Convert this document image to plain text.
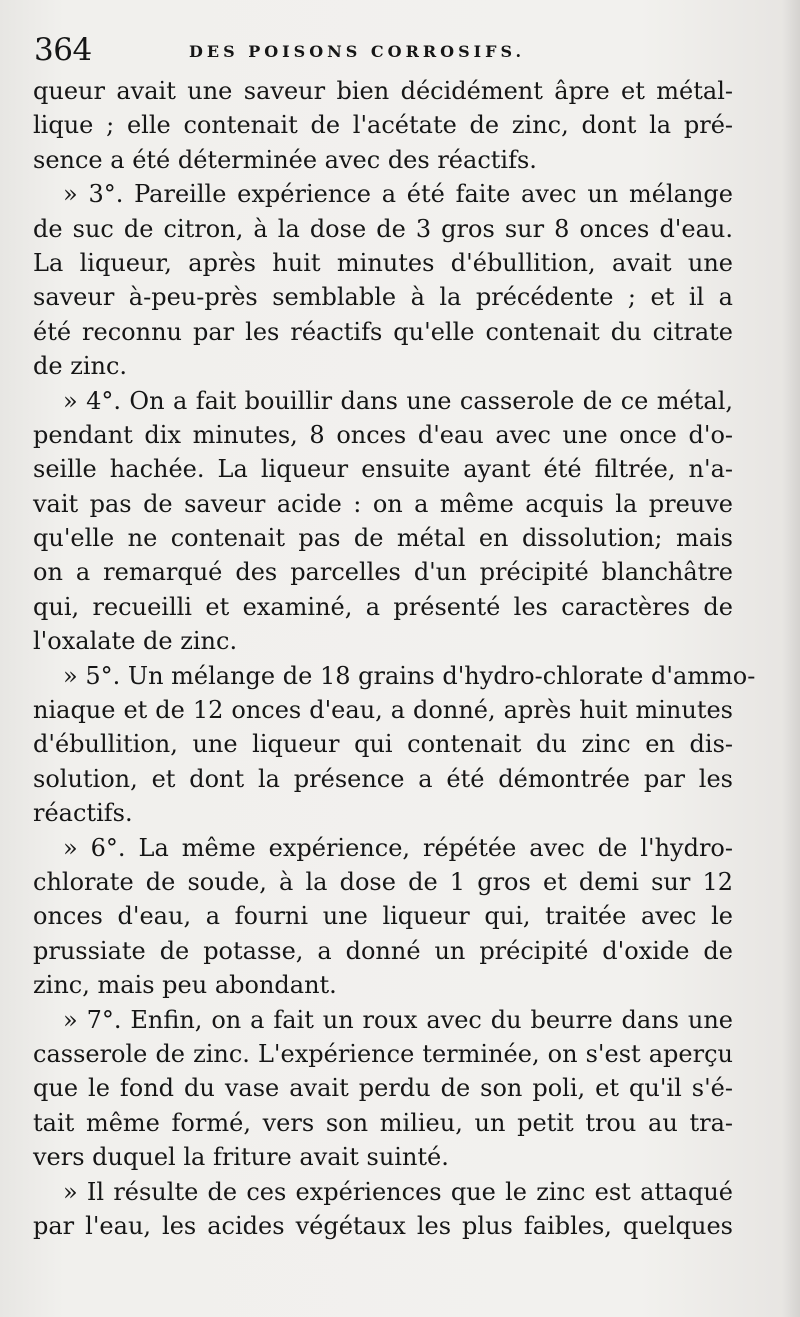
364	DES POISONS CORROSIFS.
queur avait une saveur bien décidément âpre et métal-
lique ; elle contenait de l'acétate de zinc, dont la pré-
sence a été déterminée avec des réactifs.
» 3°. Pareille expérience a été faite avec un mélange
de suc de citron, à la dose de 3 gros sur 8 onces d'eau.
La liqueur, après huit minutes d'ébullition, avait une
saveur à-peu-près semblable à la précédente ; et il a
été reconnu par les réactifs qu'elle contenait du citrate
de zinc.
» 4°. On a fait bouillir dans une casserole de ce métal,
pendant dix minutes, 8 onces d'eau avec une once d'o-
seille hachée. La liqueur ensuite ayant été filtrée, n'a-
vait pas de saveur acide : on a même acquis la preuve
qu'elle ne contenait pas de métal en dissolution; mais
on a remarqué des parcelles d'un précipité blanchâtre
qui, recueilli et examiné, a présenté les caractères de
l'oxalate de zinc.
» 5°. Un mélange de 18 grains d'hydro-chlorate d'ammo-
niaque et de 12 onces d'eau, a donné, après huit minutes
d'ébullition, une liqueur qui contenait du zinc en dis-
solution, et dont la présence a été démontrée par les
réactifs.
» 6°. La même expérience, répétée avec de l'hydro-
chlorate de soude, à la dose de 1 gros et demi sur 12
onces d'eau, a fourni une liqueur qui, traitée avec le
prussiate de potasse, a donné un précipité d'oxide de
zinc, mais peu abondant.
» 7°. Enfin, on a fait un roux avec du beurre dans une
casserole de zinc. L'expérience terminée, on s'est aperçu
que le fond du vase avait perdu de son poli, et qu'il s'é-
tait même formé, vers son milieu, un petit trou au tra-
vers duquel la friture avait suinté.
» Il résulte de ces expériences que le zinc est attaqué
par l'eau, les acides végétaux les plus faibles, quelques
